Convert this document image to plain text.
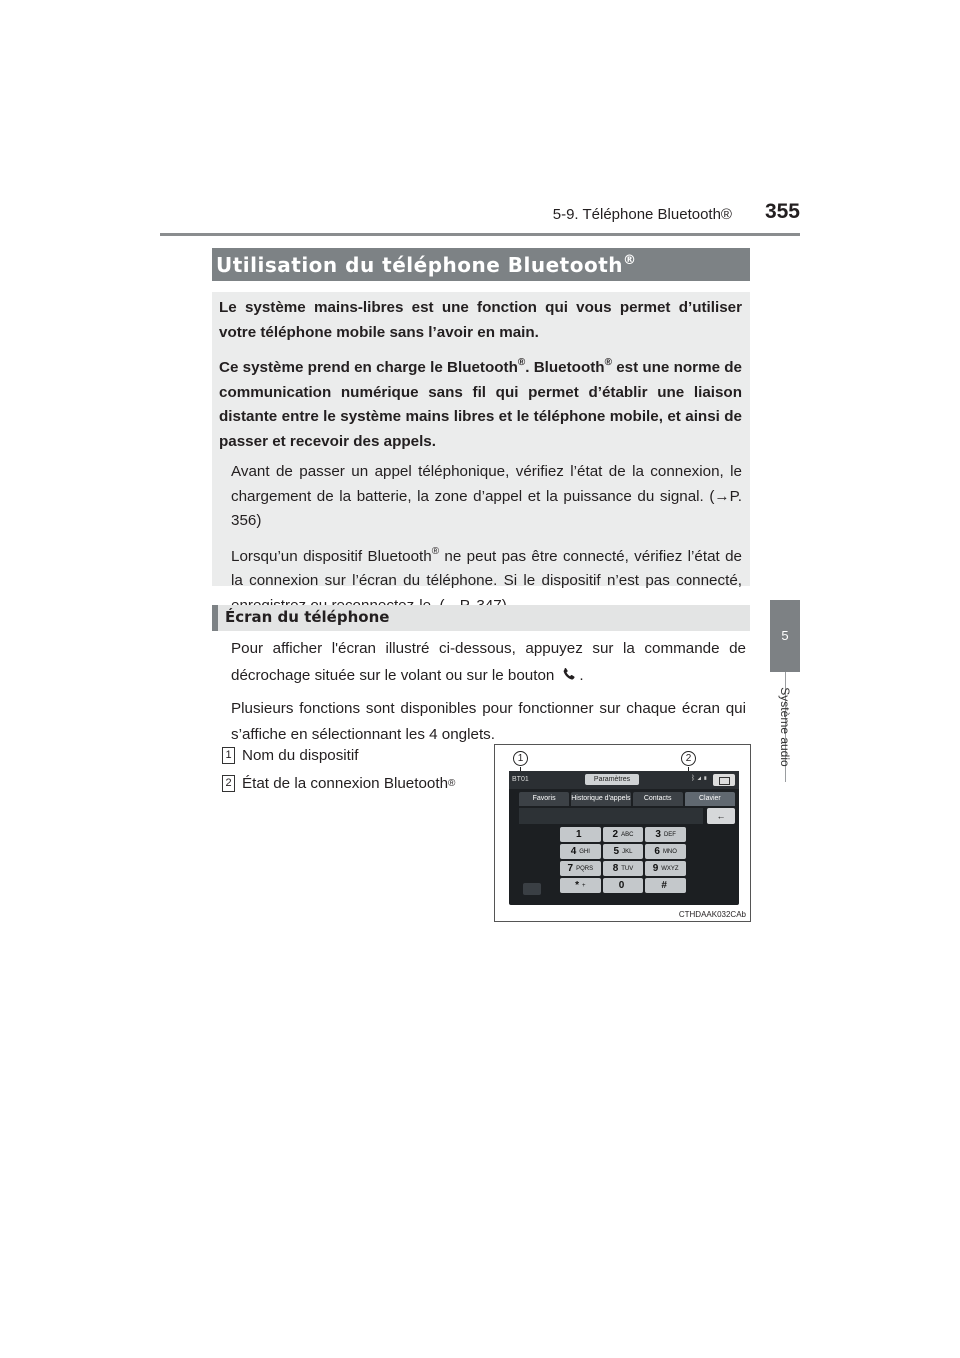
5-9. Téléphone Bluetooth® 355
5
Système audio
Utilisation du téléphone Bluetooth®

Le système mains-libres est une fonction qui vous permet d’utiliser votre téléphone mobile sans l’avoir en main.

Ce système prend en charge le Bluetooth®. Bluetooth® est une norme de communication numérique sans fil qui permet d’établir une liaison distante entre le système mains libres et le téléphone mobile, et ainsi de passer et recevoir des appels.

Avant de passer un appel téléphonique, vérifiez l’état de la connexion, le chargement de la batterie, la zone d’appel et la puissance du signal. (→P. 356)

Lorsqu’un dispositif Bluetooth® ne peut pas être connecté, vérifiez l’état de la connexion sur l’écran du téléphone. Si le dispositif n’est pas connecté,

Écran du téléphone

Pour afficher l'écran illustré ci-dessous, appuyez sur la commande de décrochage située sur le volant ou sur le bouton .

Plusieurs fonctions sont disponibles pour fonctionner sur chaque écran qui s’affiche en sélectionnant les 4 onglets.

1 Nom du dispositif
2 État de la connexion Bluetooth ®
1	2
BT01	Paramètres	ᛒ ◢ ▮
Favoris	Historique d'appels	Contacts	Clavier
←
1	2 ABC 3 DEF
4 GHI 5 JKL 6 MNO
7 PQRS 8 TUV 9 WXYZ
* +	0	#
CTHDAAK032CAb
